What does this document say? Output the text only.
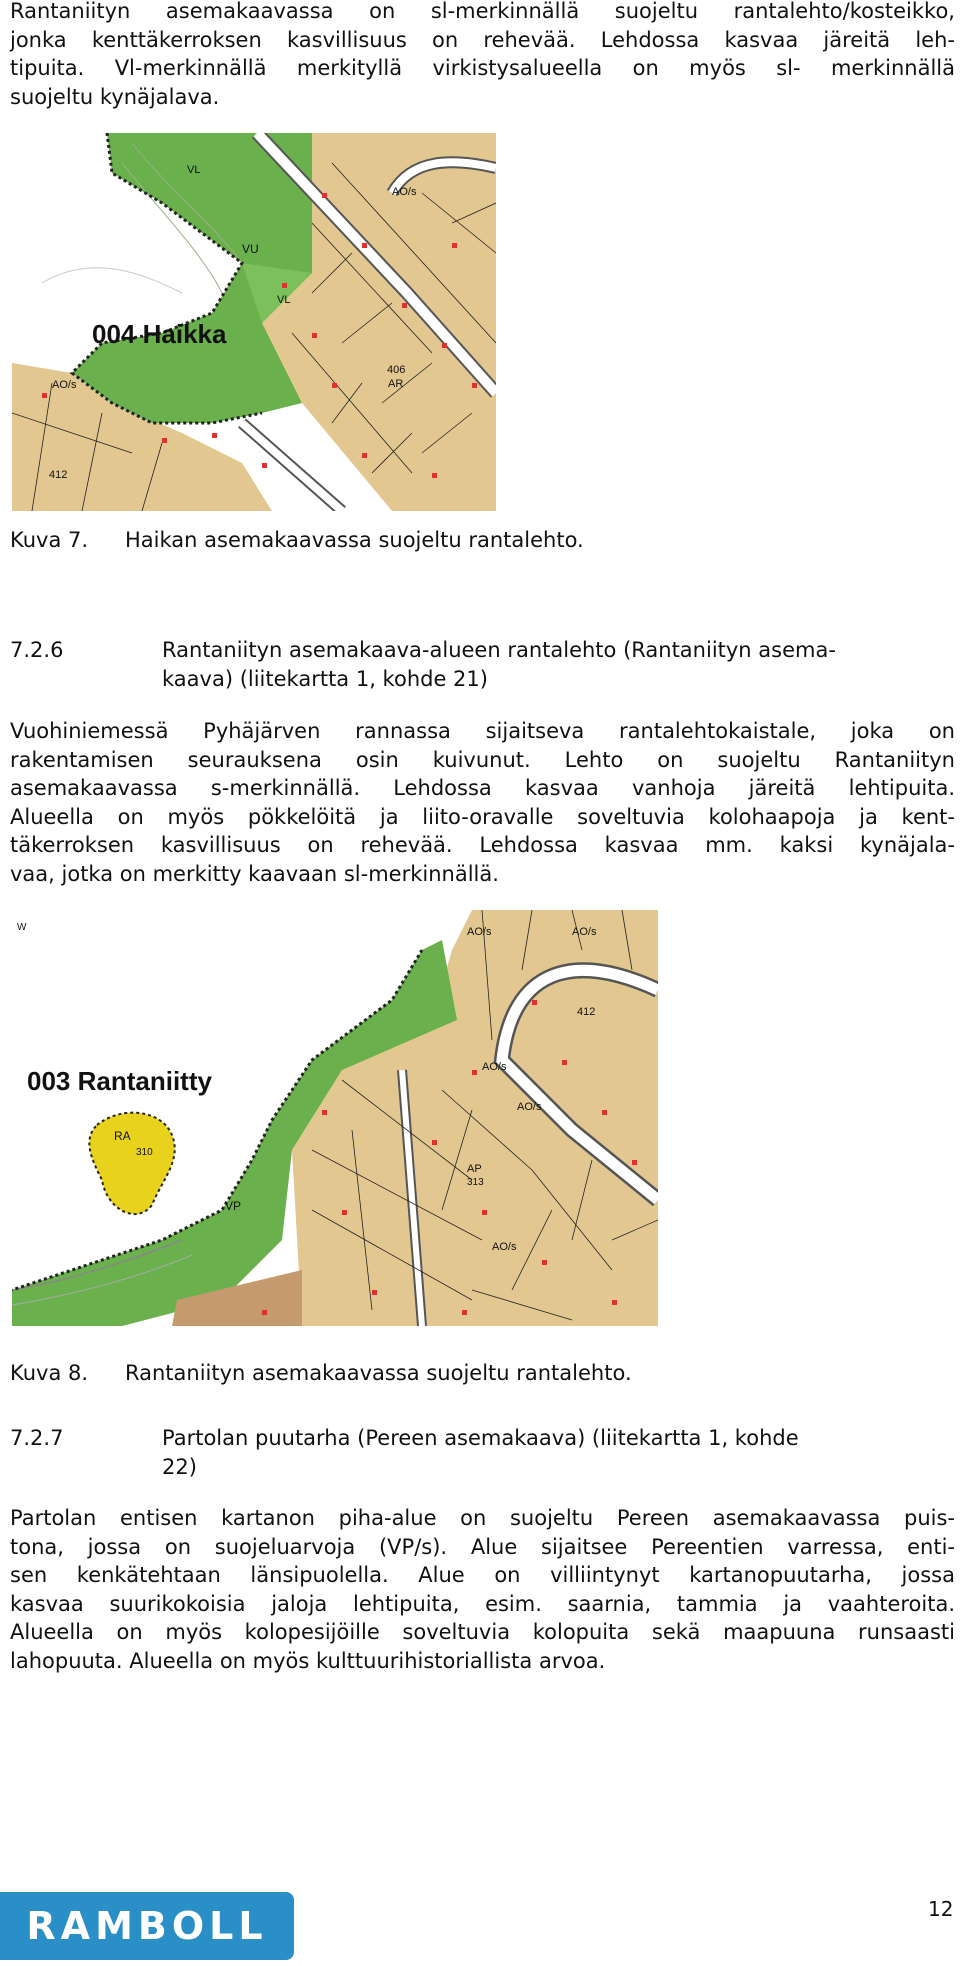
Rantaniityn asemakaavassa on sl-merkinnällä suojeltu rantalehto/kosteikko,
jonka kenttäkerroksen kasvillisuus on rehevää. Lehdossa kasvaa järeitä leh-
tipuita. Vl-merkinnällä merkityllä virkistysalueella on myös sl- merkinnällä
suojeltu kynäjalava.
004 Haikka
VU
VL
VL
AO/s
AO/s
406
AR
412
Kuva 7. Haikan asemakaavassa suojeltu rantalehto.
7.2.6	Rantaniityn asemakaava-alueen rantalehto (Rantaniityn asema-
kaava) (liitekartta 1, kohde 21)
Vuohiniemessä Pyhäjärven rannassa sijaitseva rantalehtokaistale, joka on
rakentamisen seurauksena osin kuivunut. Lehto on suojeltu Rantaniityn
asemakaavassa s-merkinnällä. Lehdossa kasvaa vanhoja järeitä lehtipuita.
Alueella on myös pökkelöitä ja liito-oravalle soveltuvia kolohaapoja ja kent-
täkerroksen kasvillisuus on rehevää. Lehdossa kasvaa mm. kaksi kynäjala-
vaa, jotka on merkitty kaavaan sl-merkinnällä.
003 Rantaniitty
RA
310
VP
W	AO/s	AO/s
412
AO/s
AO/s
AP
313
AO/s
Kuva 8. Rantaniityn asemakaavassa suojeltu rantalehto.
7.2.7	Partolan puutarha (Pereen asemakaava) (liitekartta 1, kohde
22)
Partolan entisen kartanon piha-alue on suojeltu Pereen asemakaavassa puis-
tona, jossa on suojeluarvoja (VP/s). Alue sijaitsee Pereentien varressa, enti-
sen kenkätehtaan länsipuolella. Alue on villiintynyt kartanopuutarha, jossa
kasvaa suurikokoisia jaloja lehtipuita, esim. saarnia, tammia ja vaahteroita.
Alueella on myös kolopesijöille soveltuvia kolopuita sekä maapuuna runsaasti
lahopuuta. Alueella on myös kulttuurihistoriallista arvoa.
RAMBOLL	12
